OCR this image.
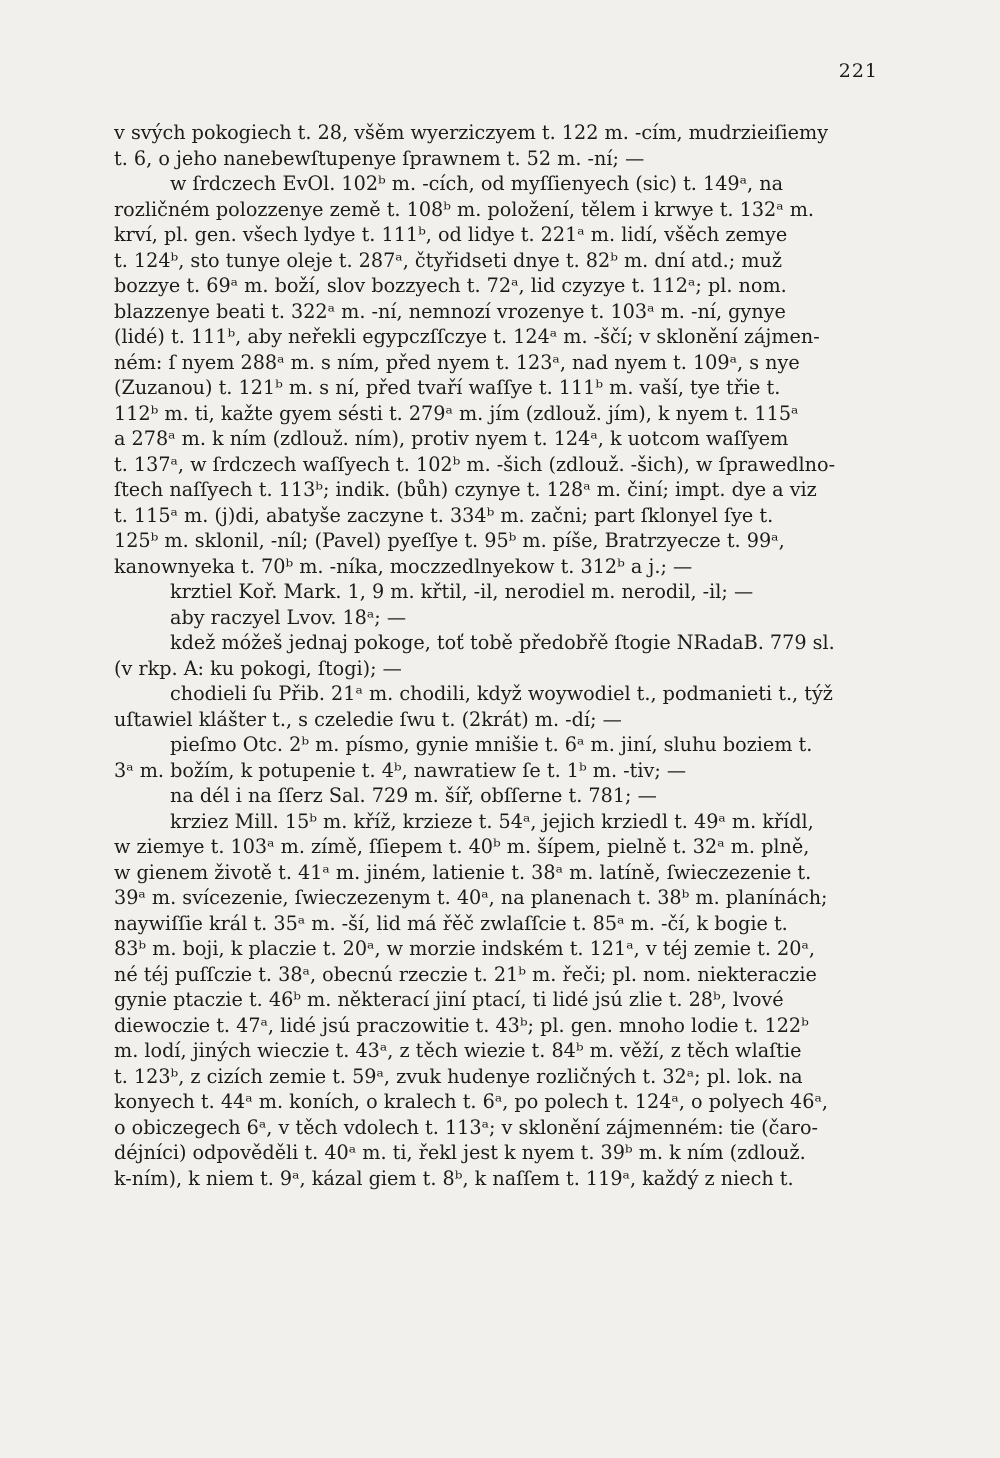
221
v svých pokogiech t. 28, všěm wyerziczyem t. 122 m. -cím, mudrzieiſiemy
t. 6, o jeho nanebewſtupenye ſprawnem t. 52 m. -ní; —
w ſrdczech EvOl. 102ᵇ m. -cích, od myſſienyech (sic) t. 149ᵃ, na
rozličném polozzenye země t. 108ᵇ m. položení, tělem i krwye t. 132ᵃ m.
krví, pl. gen. všech lydye t. 111ᵇ, od lidye t. 221ᵃ m. lidí, všěch zemye
t. 124ᵇ, sto tunye oleje t. 287ᵃ, čtyřidseti dnye t. 82ᵇ m. dní atd.; muž
bozzye t. 69ᵃ m. boží, slov bozzyech t. 72ᵃ, lid czyzye t. 112ᵃ; pl. nom.
blazzenye beati t. 322ᵃ m. -ní, nemnozí vrozenye t. 103ᵃ m. -ní, gynye
(lidé) t. 111ᵇ, aby neřekli egypczſſczye t. 124ᵃ m. -ščí; v sklonění zájmen-
ném: ſ nyem 288ᵃ m. s ním, před nyem t. 123ᵃ, nad nyem t. 109ᵃ, s nye
(Zuzanou) t. 121ᵇ m. s ní, před tvaří waſſye t. 111ᵇ m. vaší, tye třie t.
112ᵇ m. ti, kažte gyem sésti t. 279ᵃ m. jím (zdlouž. jím), k nyem t. 115ᵃ
a 278ᵃ m. k ním (zdlouž. ním), protiv nyem t. 124ᵃ, k uotcom waſſyem
t. 137ᵃ, w ſrdczech waſſyech t. 102ᵇ m. -šich (zdlouž. -šich), w ſprawedlno-
ſtech naſſyech t. 113ᵇ; indik. (bůh) czynye t. 128ᵃ m. činí; impt. dye a viz
t. 115ᵃ m. (j)di, abatyše zaczyne t. 334ᵇ m. začni; part ſklonyel ſye t.
125ᵇ m. sklonil, -níl; (Pavel) pyeſſye t. 95ᵇ m. píše, Bratrzyecze t. 99ᵃ,
kanownyeka t. 70ᵇ m. -níka, moczzedlnyekow t. 312ᵇ a j.; —
krztiel Kоř. Mark. 1, 9 m. křtil, -il, nerodiel m. nerodil, -il; —
aby raczyel Lvov. 18ᵃ; —
kdež móžeš jednaj pokoge, toť tobě předobřě ſtogie NRadaB. 779 sl.
(v rkp. A: ku pokogi, ſtogi); —
chodieli ſu Přib. 21ᵃ m. chodili, když woywodiel t., podmanieti t., týž
uſtawiel klášter t., s czeledie ſwu t. (2krát) m. -dí; —
pieſmo Otc. 2ᵇ m. písmo, gynie mnišie t. 6ᵃ m. jiní, sluhu boziem t.
3ᵃ m. božím, k potupenie t. 4ᵇ, nawratiew ſe t. 1ᵇ m. -tiv; —
na dél i na ſſerz Sal. 729 m. šíř, obſſerne t. 781; —
krziez Mill. 15ᵇ m. kříž, krzieze t. 54ᵃ, jejich krziedl t. 49ᵃ m. křídl,
w ziemye t. 103ᵃ m. zímě, ſſiepem t. 40ᵇ m. šípem, pielně t. 32ᵃ m. plně,
w gienem životě t. 41ᵃ m. jiném, latienie t. 38ᵃ m. latíně, ſwieczezenie t.
39ᵃ m. svícezenie, ſwieczezenym t. 40ᵃ, na planenach t. 38ᵇ m. planínách;
naywiſſie král t. 35ᵃ m. -ší, lid má řěč zwlaſſcie t. 85ᵃ m. -čí, k bogie t.
83ᵇ m. boji, k placzie t. 20ᵃ, w morzie indském t. 121ᵃ, v téj zemie t. 20ᵃ,
né téj puſſczie t. 38ᵃ, obecnú rzeczie t. 21ᵇ m. řeči; pl. nom. niekteraczie
gynie ptaczie t. 46ᵇ m. některací jiní ptací, ti lidé jsú zlie t. 28ᵇ, lvové
diewoczie t. 47ᵃ, lidé jsú praczowitie t. 43ᵇ; pl. gen. mnoho lodie t. 122ᵇ
m. lodí, jiných wieczie t. 43ᵃ, z těch wiezie t. 84ᵇ m. věží, z těch wlaſtie
t. 123ᵇ, z cizích zemie t. 59ᵃ, zvuk hudenye rozličných t. 32ᵃ; pl. lok. na
konyech t. 44ᵃ m. koních, o kralech t. 6ᵃ, po polech t. 124ᵃ, o polyech 46ᵃ,
o obiczegech 6ᵃ, v těch vdolech t. 113ᵃ; v sklonění zájmenném: tie (čaro-
déjníci) odpověděli t. 40ᵃ m. ti, řekl jest k nyem t. 39ᵇ m. k ním (zdlouž.
k-ním), k niem t. 9ᵃ, kázal giem t. 8ᵇ, k naſſem t. 119ᵃ, každý z niech t.
